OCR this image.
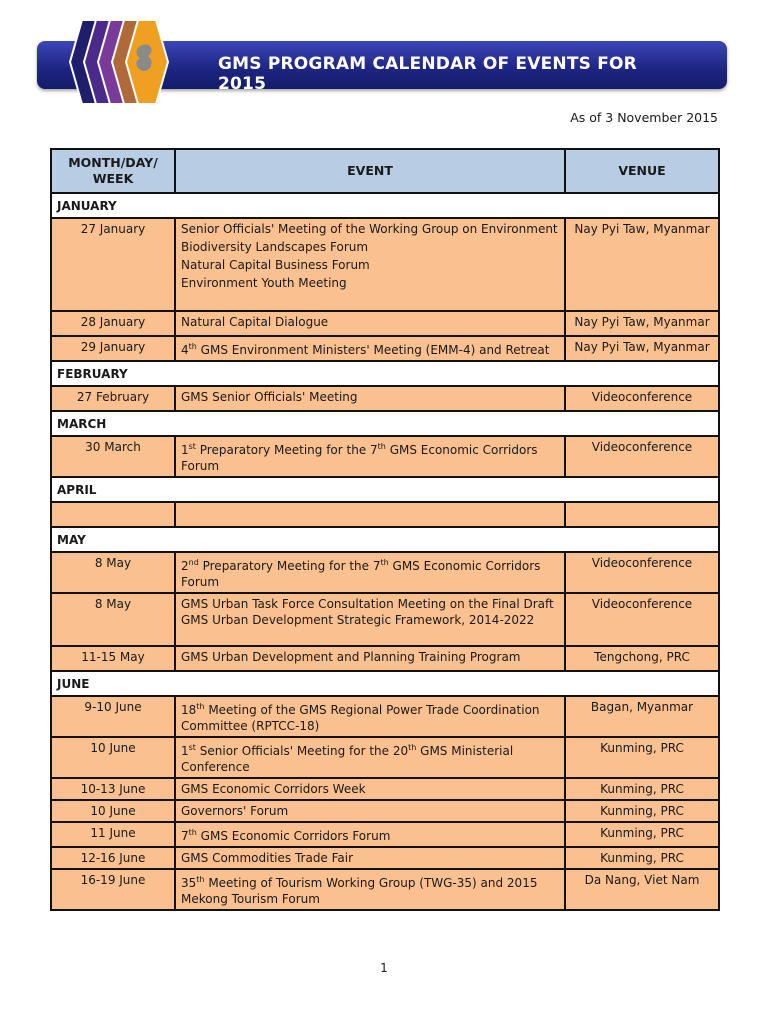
GMS PROGRAM CALENDAR OF EVENTS FOR 2015
As of 3 November 2015
MONTH/DAY/ WEEK	EVENT	VENUE
JANUARY		
27 January	Senior Officials' Meeting of the Working Group on Environment
Biodiversity Landscapes Forum
Natural Capital Business Forum
Environment Youth Meeting	Nay Pyi Taw, Myanmar
28 January	Natural Capital Dialogue	Nay Pyi Taw, Myanmar
29 January	4th GMS Environment Ministers' Meeting (EMM-4) and Retreat	Nay Pyi Taw, Myanmar
FEBRUARY		
27 February	GMS Senior Officials' Meeting	Videoconference
MARCH		
30 March	1st Preparatory Meeting for the 7th GMS Economic Corridors Forum	Videoconference
APRIL		

MAY		
8 May	2nd Preparatory Meeting for the 7th GMS Economic Corridors Forum	Videoconference
8 May	GMS Urban Task Force Consultation Meeting on the Final Draft GMS Urban Development Strategic Framework, 2014-2022	Videoconference
11-15 May	GMS Urban Development and Planning Training Program	Tengchong, PRC
JUNE		
9-10 June	18th Meeting of the GMS Regional Power Trade Coordination Committee (RPTCC-18)	Bagan, Myanmar
10 June	1st Senior Officials' Meeting for the 20th GMS Ministerial Conference	Kunming, PRC
10-13 June	GMS Economic Corridors Week	Kunming, PRC
10 June	Governors' Forum	Kunming, PRC
11 June	7th GMS Economic Corridors Forum	Kunming, PRC
12-16 June	GMS Commodities Trade Fair	Kunming, PRC
16-19 June	35th Meeting of Tourism Working Group (TWG-35) and 2015 Mekong Tourism Forum	Da Nang, Viet Nam
1
